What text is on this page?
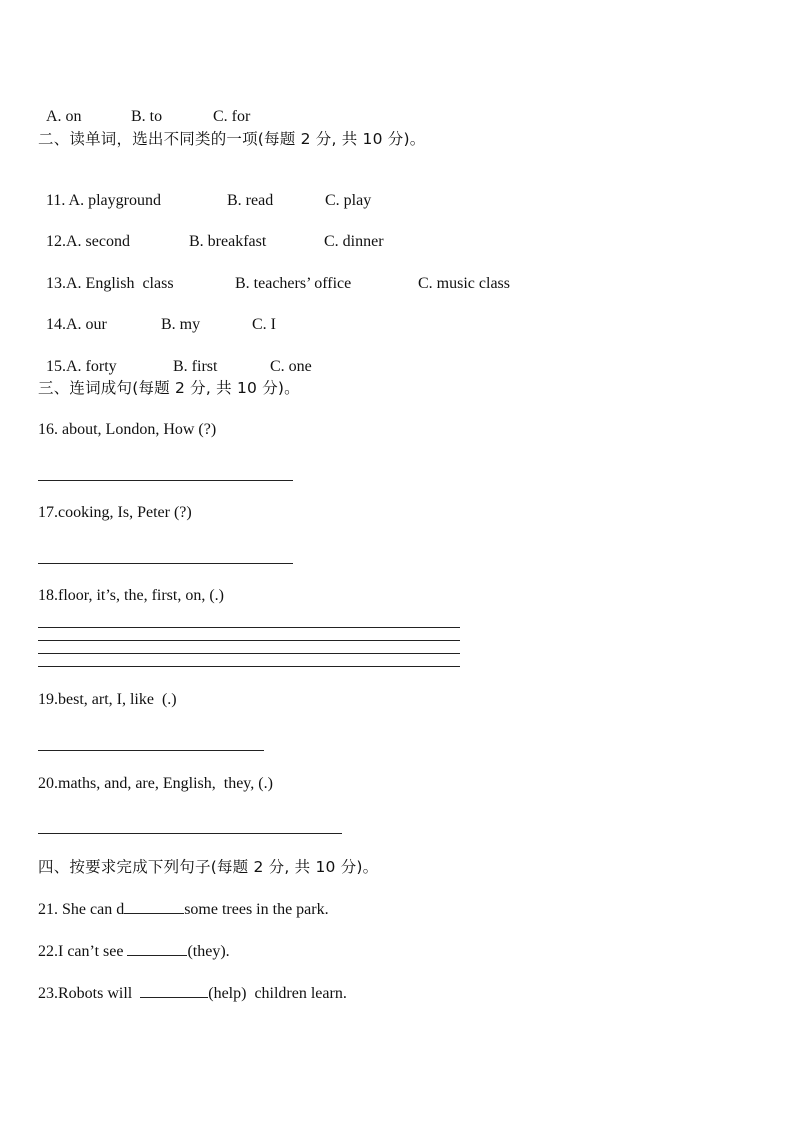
A. on	B. to	C. for

二、读单词，选出不同类的一项(每题 2 分, 共 10 分)。

11. A. playground	B. read	C. play

12.A. second	B. breakfast	C. dinner

13.A. English  class	B. teachers’ office	C. music class

14.A. our	B. my	C. I

15.A. forty	B. first	C. one

三、连词成句(每题 2 分, 共 10 分)。
16. about, London, How (?)
17.cooking, Is, Peter (?)
18.floor, it’s, the, first, on, (.)
19.best, art, I, like  (.)
20.maths, and, are, English,  they, (.)
四、按要求完成下列句子(每题 2 分, 共 10 分)。
21. She can d	some trees in the park.
22.I can’t see	(they).
23.Robots will	(help)  children learn.
